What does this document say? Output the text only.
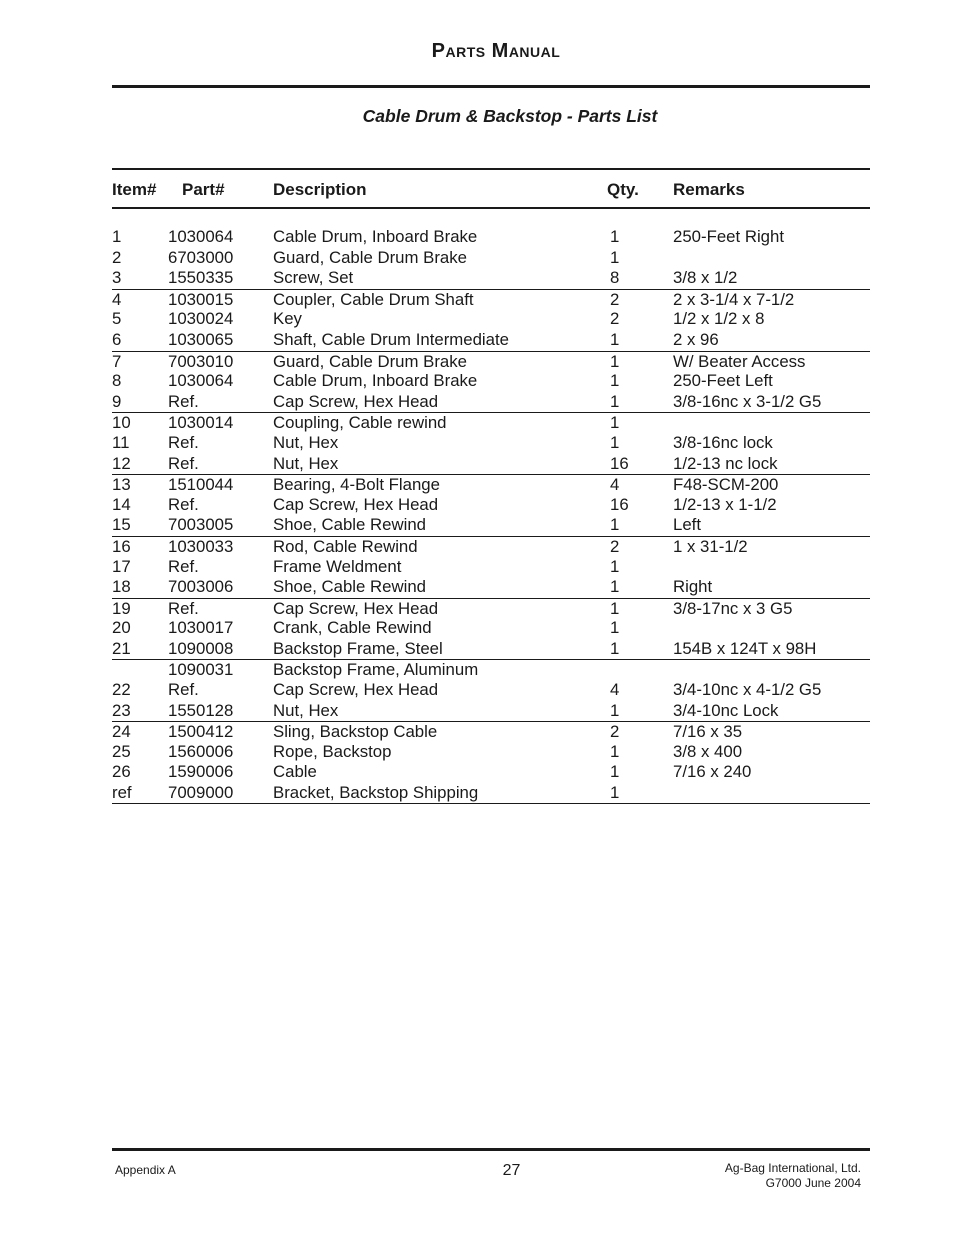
Parts Manual
Cable Drum & Backstop - Parts List
Item# Part#	Description	Qty. Remarks
1	1030064 Cable Drum, Inboard Brake	1	250-Feet Right
2	6703000 Guard, Cable Drum Brake	1
3	1550335 Screw, Set	8	3/8 x 1/2
4	1030015 Coupler, Cable Drum Shaft	2	2 x 3-1/4 x 7-1/2
5	1030024 Key	2	1/2 x 1/2 x 8
6	1030065 Shaft, Cable Drum Intermediate	1	2 x 96
7	7003010 Guard, Cable Drum Brake	1	W/ Beater Access
8	1030064 Cable Drum, Inboard Brake	1	250-Feet Left
9	Ref.	Cap Screw, Hex Head	1	3/8-16nc x 3-1/2 G5
10 1030014 Coupling, Cable rewind	1
11 Ref.	Nut, Hex	1	3/8-16nc lock
12 Ref.	Nut, Hex	16	1/2-13 nc lock
13 1510044 Bearing, 4-Bolt Flange	4	F48-SCM-200
14 Ref.	Cap Screw, Hex Head	16	1/2-13 x 1-1/2
15 7003005 Shoe, Cable Rewind	1	Left
16 1030033 Rod, Cable Rewind	2	1 x 31-1/2
17 Ref.	Frame Weldment	1
18 7003006 Shoe, Cable Rewind	1	Right
19 Ref.	Cap Screw, Hex Head	1	3/8-17nc x 3 G5
20 1030017 Crank, Cable Rewind	1
21 1090008 Backstop Frame, Steel	1	154B x 124T x 98H
1090031 Backstop Frame, Aluminum
22 Ref.	Cap Screw, Hex Head	4	3/4-10nc x 4-1/2 G5
23 1550128 Nut, Hex	1	3/4-10nc Lock
24 1500412 Sling, Backstop Cable	2	7/16 x 35
25 1560006 Rope, Backstop	1	3/8 x 400
26 1590006 Cable	1	7/16 x 240
ref 7009000 Bracket, Backstop Shipping	1
Appendix A	27	Ag-Bag International, Ltd.
G7000 June 2004
